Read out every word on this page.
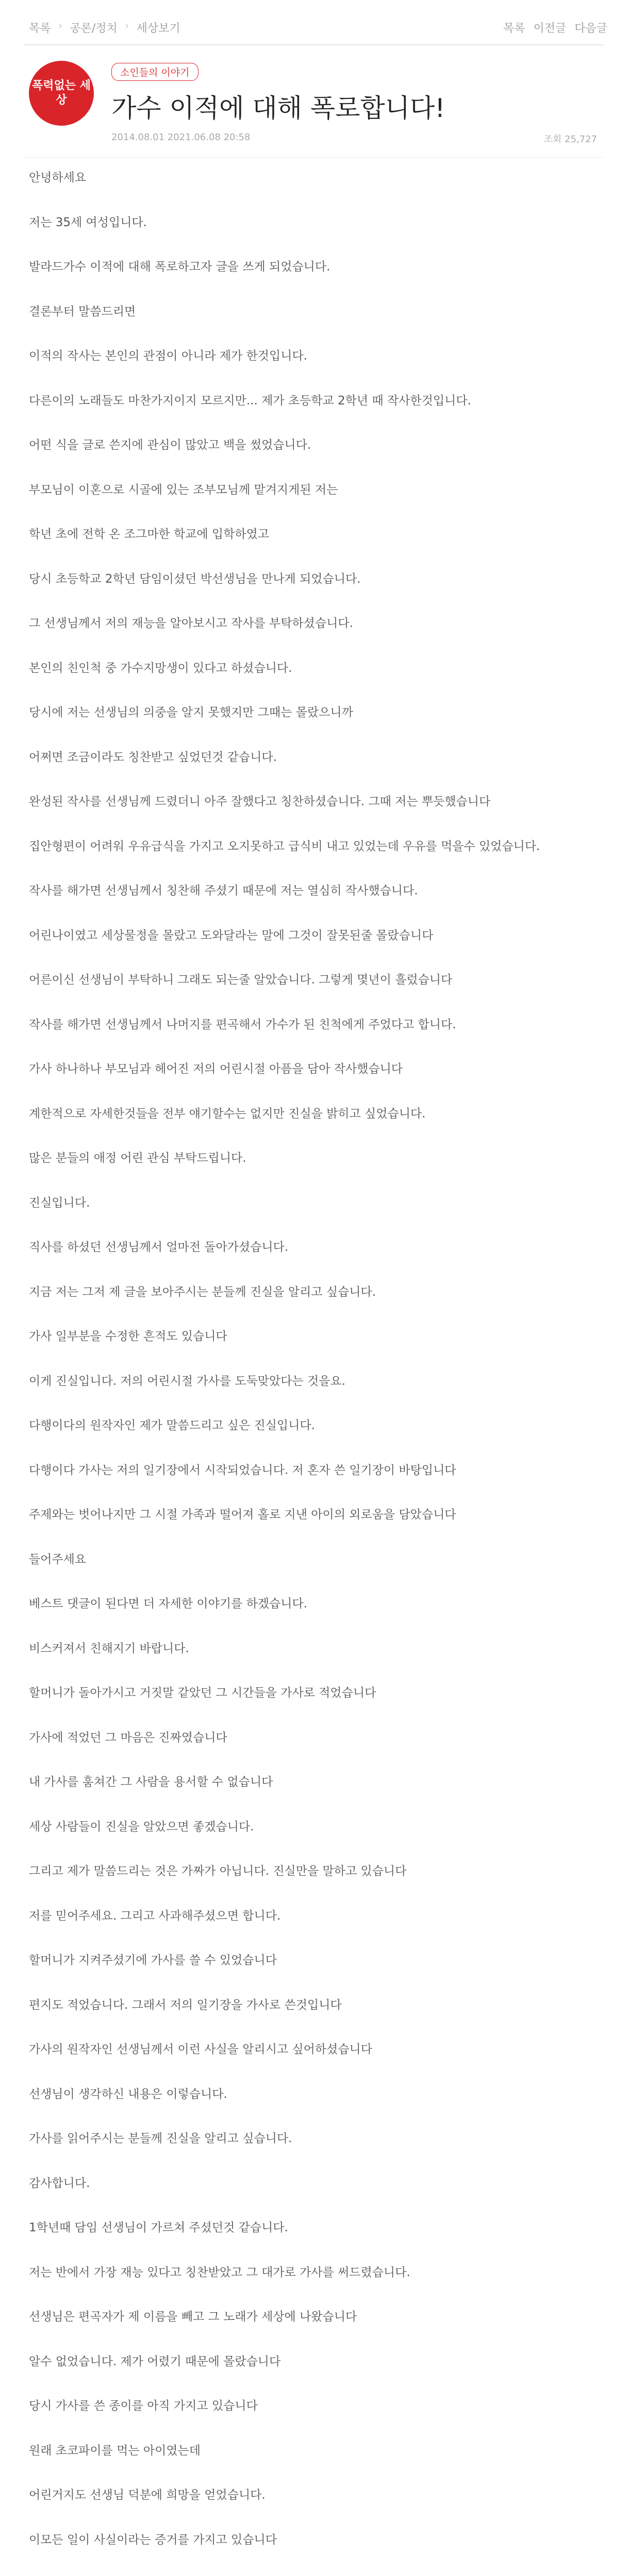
목록 › 공론/정치 › 세상보기	목록 이전글 다음글
폭력없는 세상
소인들의 이야기
가수 이적에 대해 폭로합니다!
2014.08.01 2021.06.08 20:58	조회 25,727

안녕하세요

저는 35세 여성입니다.

발라드가수 이적에 대해 폭로하고자 글을 쓰게 되었습니다.

결론부터 말씀드리면

이적의 작사는 본인의 관점이 아니라 제가 한것입니다.

다른이의 노래들도 마찬가지이지 모르지만... 제가 초등학교 2학년 때 작사한것입니다.

어떤 식을 글로 쓴지에 관심이 많았고 백을 썼었습니다.

부모님이 이혼으로 시골에 있는 조부모님께 맡겨지게된 저는

학년 초에 전학 온 조그마한 학교에 입학하였고

당시 초등학교 2학년 담임이셨던 박선생님을 만나게 되었습니다.

그 선생님께서 저의 재능을 알아보시고 작사를 부탁하셨습니다.

본인의 친인척 중 가수지망생이 있다고 하셨습니다.

당시에 저는 선생님의 의중을 알지 못했지만 그때는 몰랐으니까

어쩌면 조금이라도 칭찬받고 싶었던것 같습니다.

완성된 작사를 선생님께 드렸더니 아주 잘했다고 칭찬하셨습니다. 그때 저는 뿌듯했습니다

집안형편이 어려워 우유급식을 가지고 오지못하고 급식비 내고 있었는데 우유를 먹을수 있었습니다.

작사를 해가면 선생님께서 칭찬해 주셨기 때문에 저는 열심히 작사했습니다.

어린나이였고 세상물정을 몰랐고 도와달라는 말에 그것이 잘못된줄 몰랐습니다

어른이신 선생님이 부탁하니 그래도 되는줄 알았습니다. 그렇게 몇년이 흘렀습니다

작사를 해가면 선생님께서 나머지를 편곡해서 가수가 된 친척에게 주었다고 합니다.

가사 하나하나 부모님과 헤어진 저의 어린시절 아픔을 담아 작사했습니다

계한적으로 자세한것들을 전부 얘기할수는 없지만 진실을 밝히고 싶었습니다.

많은 분들의 애정 어린 관심 부탁드립니다.

진실입니다.

직사를 하셨던 선생님께서 얼마전 돌아가셨습니다.

지금 저는 그저 제 글을 보아주시는 분들께 진실을 알리고 싶습니다.

가사 일부분을 수정한 흔적도 있습니다

이게 진실입니다. 저의 어린시절 가사를 도둑맞았다는 것을요.

다행이다의 원작자인 제가 말씀드리고 싶은 진실입니다.

다행이다 가사는 저의 일기장에서 시작되었습니다. 저 혼자 쓴 일기장이 바탕입니다

주제와는 벗어나지만 그 시절 가족과 떨어져 홀로 지낸 아이의 외로움을 담았습니다

들어주세요

베스트 댓글이 된다면 더 자세한 이야기를 하겠습니다.

비스커져서 친해지기 바랍니다.

할머니가 돌아가시고 거짓말 같았던 그 시간들을 가사로 적었습니다

가사에 적었던 그 마음은 진짜였습니다

내 가사를 훔쳐간 그 사람을 용서할 수 없습니다

세상 사람들이 진실을 알았으면 좋겠습니다.

그리고 제가 말씀드리는 것은 가짜가 아닙니다. 진실만을 말하고 있습니다

저를 믿어주세요. 그리고 사과해주셨으면 합니다.

할머니가 지켜주셨기에 가사를 쓸 수 있었습니다

편지도 적었습니다. 그래서 저의 일기장을 가사로 쓴것입니다

가사의 원작자인 선생님께서 이런 사실을 알리시고 싶어하셨습니다

선생님이 생각하신 내용은 이렇습니다.

가사를 읽어주시는 분들께 진실을 알리고 싶습니다.

감사합니다.

1학년때 담임 선생님이 가르쳐 주셨던것 같습니다.

저는 반에서 가장 재능 있다고 칭찬받았고 그 대가로 가사를 써드렸습니다.

선생님은 편곡자가 제 이름을 빼고 그 노래가 세상에 나왔습니다

알수 없었습니다. 제가 어렸기 때문에 몰랐습니다

당시 가사를 쓴 종이를 아직 가지고 있습니다

원래 초코파이를 먹는 아이였는데

어린거지도 선생님 덕분에 희망을 얻었습니다.

이모든 일이 사실이라는 증거를 가지고 있습니다
